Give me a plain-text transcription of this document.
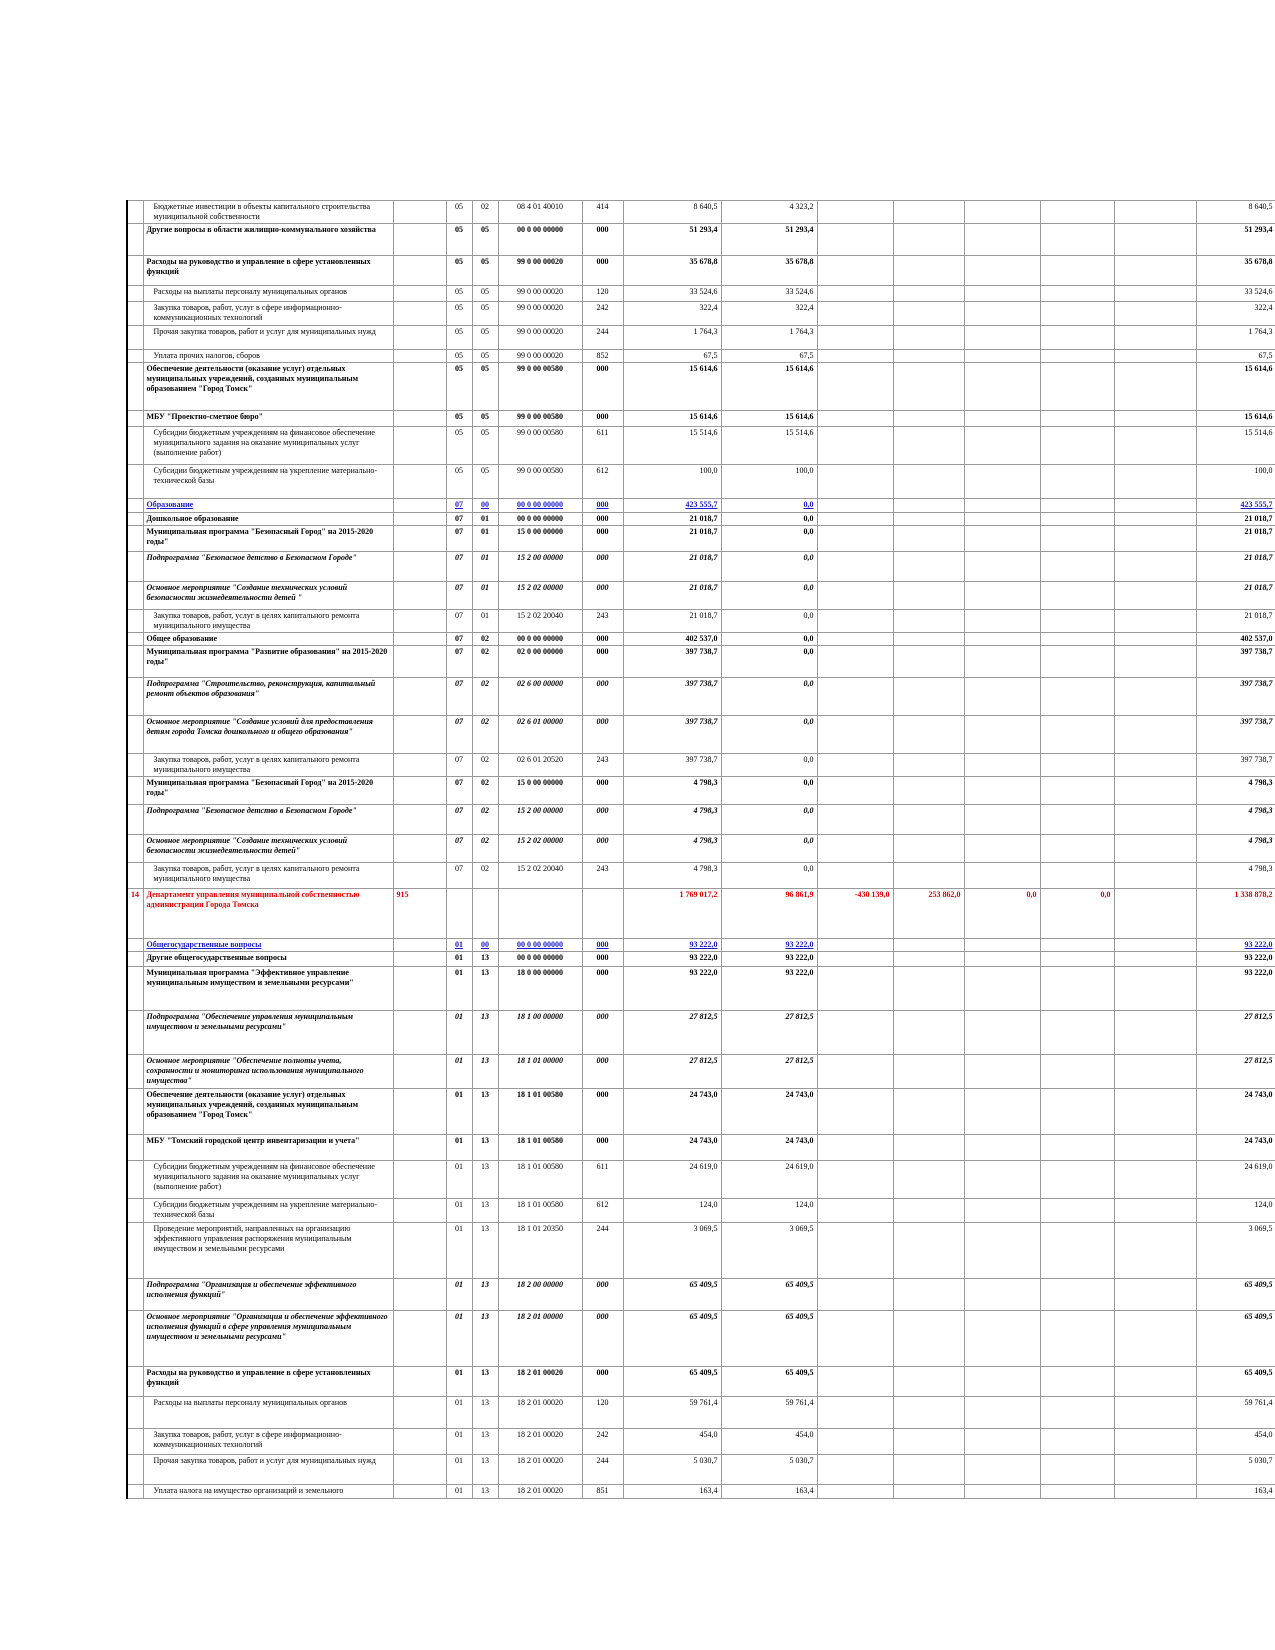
	Бюджетные инвестиции в объекты капитального строительства муниципальной собственности		05	02	08 4 01 40010	414	8 640,5	4 323,2						8 640,5
	Другие вопросы в области жилищно-коммунального хозяйства		05	05	00 0 00 00000	000	51 293,4	51 293,4						51 293,4
	Расходы на руководство и управление в сфере установленных функций		05	05	99 0 00 00020	000	35 678,8	35 678,8						35 678,8
	Расходы на выплаты персоналу муниципальных органов		05	05	99 0 00 00020	120	33 524,6	33 524,6						33 524,6
	Закупка товаров, работ, услуг в сфере информационно-коммуникационных технологий		05	05	99 0 00 00020	242	322,4	322,4						322,4
	Прочая закупка товаров, работ и услуг для муниципальных нужд		05	05	99 0 00 00020	244	1 764,3	1 764,3						1 764,3
	Уплата прочих налогов, сборов		05	05	99 0 00 00020	852	67,5	67,5						67,5
	Обеспечение деятельности (оказание услуг) отдельных муниципальных учреждений, созданных муниципальным образованием "Город Томск"		05	05	99 0 00 00580	000	15 614,6	15 614,6						15 614,6
	МБУ "Проектно-сметное бюро"		05	05	99 0 00 00580	000	15 614,6	15 614,6						15 614,6
	Субсидии бюджетным учреждениям на финансовое обеспечение муниципального задания на оказание муниципальных услуг (выполнение работ)		05	05	99 0 00 00580	611	15 514,6	15 514,6						15 514,6
	Субсидии бюджетным учреждениям на укрепление материально-технической базы		05	05	99 0 00 00580	612	100,0	100,0						100,0
	Образование		07	00	00 0 00 00000	000	423 555,7	0,0						423 555,7
	Дошкольное образование		07	01	00 0 00 00000	000	21 018,7	0,0						21 018,7
	Муниципальная программа "Безопасный Город" на 2015-2020 годы"		07	01	15 0 00 00000	000	21 018,7	0,0						21 018,7
	Подпрограмма "Безопасное детство в Безопасном Городе"		07	01	15 2 00 00000	000	21 018,7	0,0						21 018,7
	Основное мероприятие "Создание технических условий безопасности жизнедеятельности детей "		07	01	15 2 02 00000	000	21 018,7	0,0						21 018,7
	Закупка товаров, работ, услуг в целях капитального ремонта муниципального имущества		07	01	15 2 02 20040	243	21 018,7	0,0						21 018,7
	Общее образование		07	02	00 0 00 00000	000	402 537,0	0,0						402 537,0
	Муниципальная программа "Развитие образования" на 2015-2020 годы"		07	02	02 0 00 00000	000	397 738,7	0,0						397 738,7
	Подпрограмма "Строительство, реконструкция, капитальный ремонт объектов образования"		07	02	02 6 00 00000	000	397 738,7	0,0						397 738,7
	Основное мероприятие "Создание условий для предоставления детям города Томска дошкольного и общего образования"		07	02	02 6 01 00000	000	397 738,7	0,0						397 738,7
	Закупка товаров, работ, услуг в целях капитального ремонта муниципального имущества		07	02	02 6 01 20520	243	397 738,7	0,0						397 738,7
	Муниципальная программа "Безопасный Город" на 2015-2020 годы"		07	02	15 0 00 00000	000	4 798,3	0,0						4 798,3
	Подпрограмма "Безопасное детство в Безопасном Городе"		07	02	15 2 00 00000	000	4 798,3	0,0						4 798,3
	Основное мероприятие "Создание технических условий безопасности жизнедеятельности детей"		07	02	15 2 02 00000	000	4 798,3	0,0						4 798,3
	Закупка товаров, работ, услуг в целях капитального ремонта муниципального имущества		07	02	15 2 02 20040	243	4 798,3	0,0						4 798,3
14	Департамент управления муниципальной собственностью администрации Города Томска	915					1 769 017,2	96 861,9	-430 139,0	253 862,0	0,0	0,0		1 338 878,2
	Общегосударственные вопросы		01	00	00 0 00 00000	000	93 222,0	93 222,0						93 222,0
	Другие общегосударственные вопросы		01	13	00 0 00 00000	000	93 222,0	93 222,0						93 222,0
	Муниципальная программа "Эффективное управление муниципальным имуществом и земельными ресурсами"		01	13	18 0 00 00000	000	93 222,0	93 222,0						93 222,0
	Подпрограмма "Обеспечение управления муниципальным имуществом и земельными ресурсами"		01	13	18 1 00 00000	000	27 812,5	27 812,5						27 812,5
	Основное мероприятие "Обеспечение полноты учета, сохранности и мониторинга использования муниципального имущества"		01	13	18 1 01 00000	000	27 812,5	27 812,5						27 812,5
	Обеспечение деятельности (оказание услуг) отдельных муниципальных учреждений, созданных муниципальным образованием "Город Томск"		01	13	18 1 01 00580	000	24 743,0	24 743,0						24 743,0
	МБУ "Томский городской центр инвентаризации и учета"		01	13	18 1 01 00580	000	24 743,0	24 743,0						24 743,0
	Субсидии бюджетным учреждениям на финансовое обеспечение муниципального задания на оказание муниципальных услуг (выполнение работ)		01	13	18 1 01 00580	611	24 619,0	24 619,0						24 619,0
	Субсидии бюджетным учреждениям на укрепление материально-технической базы		01	13	18 1 01 00580	612	124,0	124,0						124,0
	Проведение мероприятий, направленных на организацию эффективного управления распоряжения муниципальным имуществом и земельными ресурсами		01	13	18 1 01 20350	244	3 069,5	3 069,5						3 069,5
	Подпрограмма "Организация и обеспечение эффективного исполнения функций"		01	13	18 2 00 00000	000	65 409,5	65 409,5						65 409,5
	Основное мероприятие "Организация и обеспечение эффективного исполнения функций в сфере управления муниципальным имуществом и земельными ресурсами"		01	13	18 2 01 00000	000	65 409,5	65 409,5						65 409,5
	Расходы на руководство и управление в сфере установленных функций		01	13	18 2 01 00020	000	65 409,5	65 409,5						65 409,5
	Расходы на выплаты персоналу муниципальных органов		01	13	18 2 01 00020	120	59 761,4	59 761,4						59 761,4
	Закупка товаров, работ, услуг в сфере информационно-коммуникационных технологий		01	13	18 2 01 00020	242	454,0	454,0						454,0
	Прочая закупка товаров, работ и услуг для муниципальных нужд		01	13	18 2 01 00020	244	5 030,7	5 030,7						5 030,7
	Уплата налога на имущество организаций и земельного		01	13	18 2 01 00020	851	163,4	163,4						163,4
